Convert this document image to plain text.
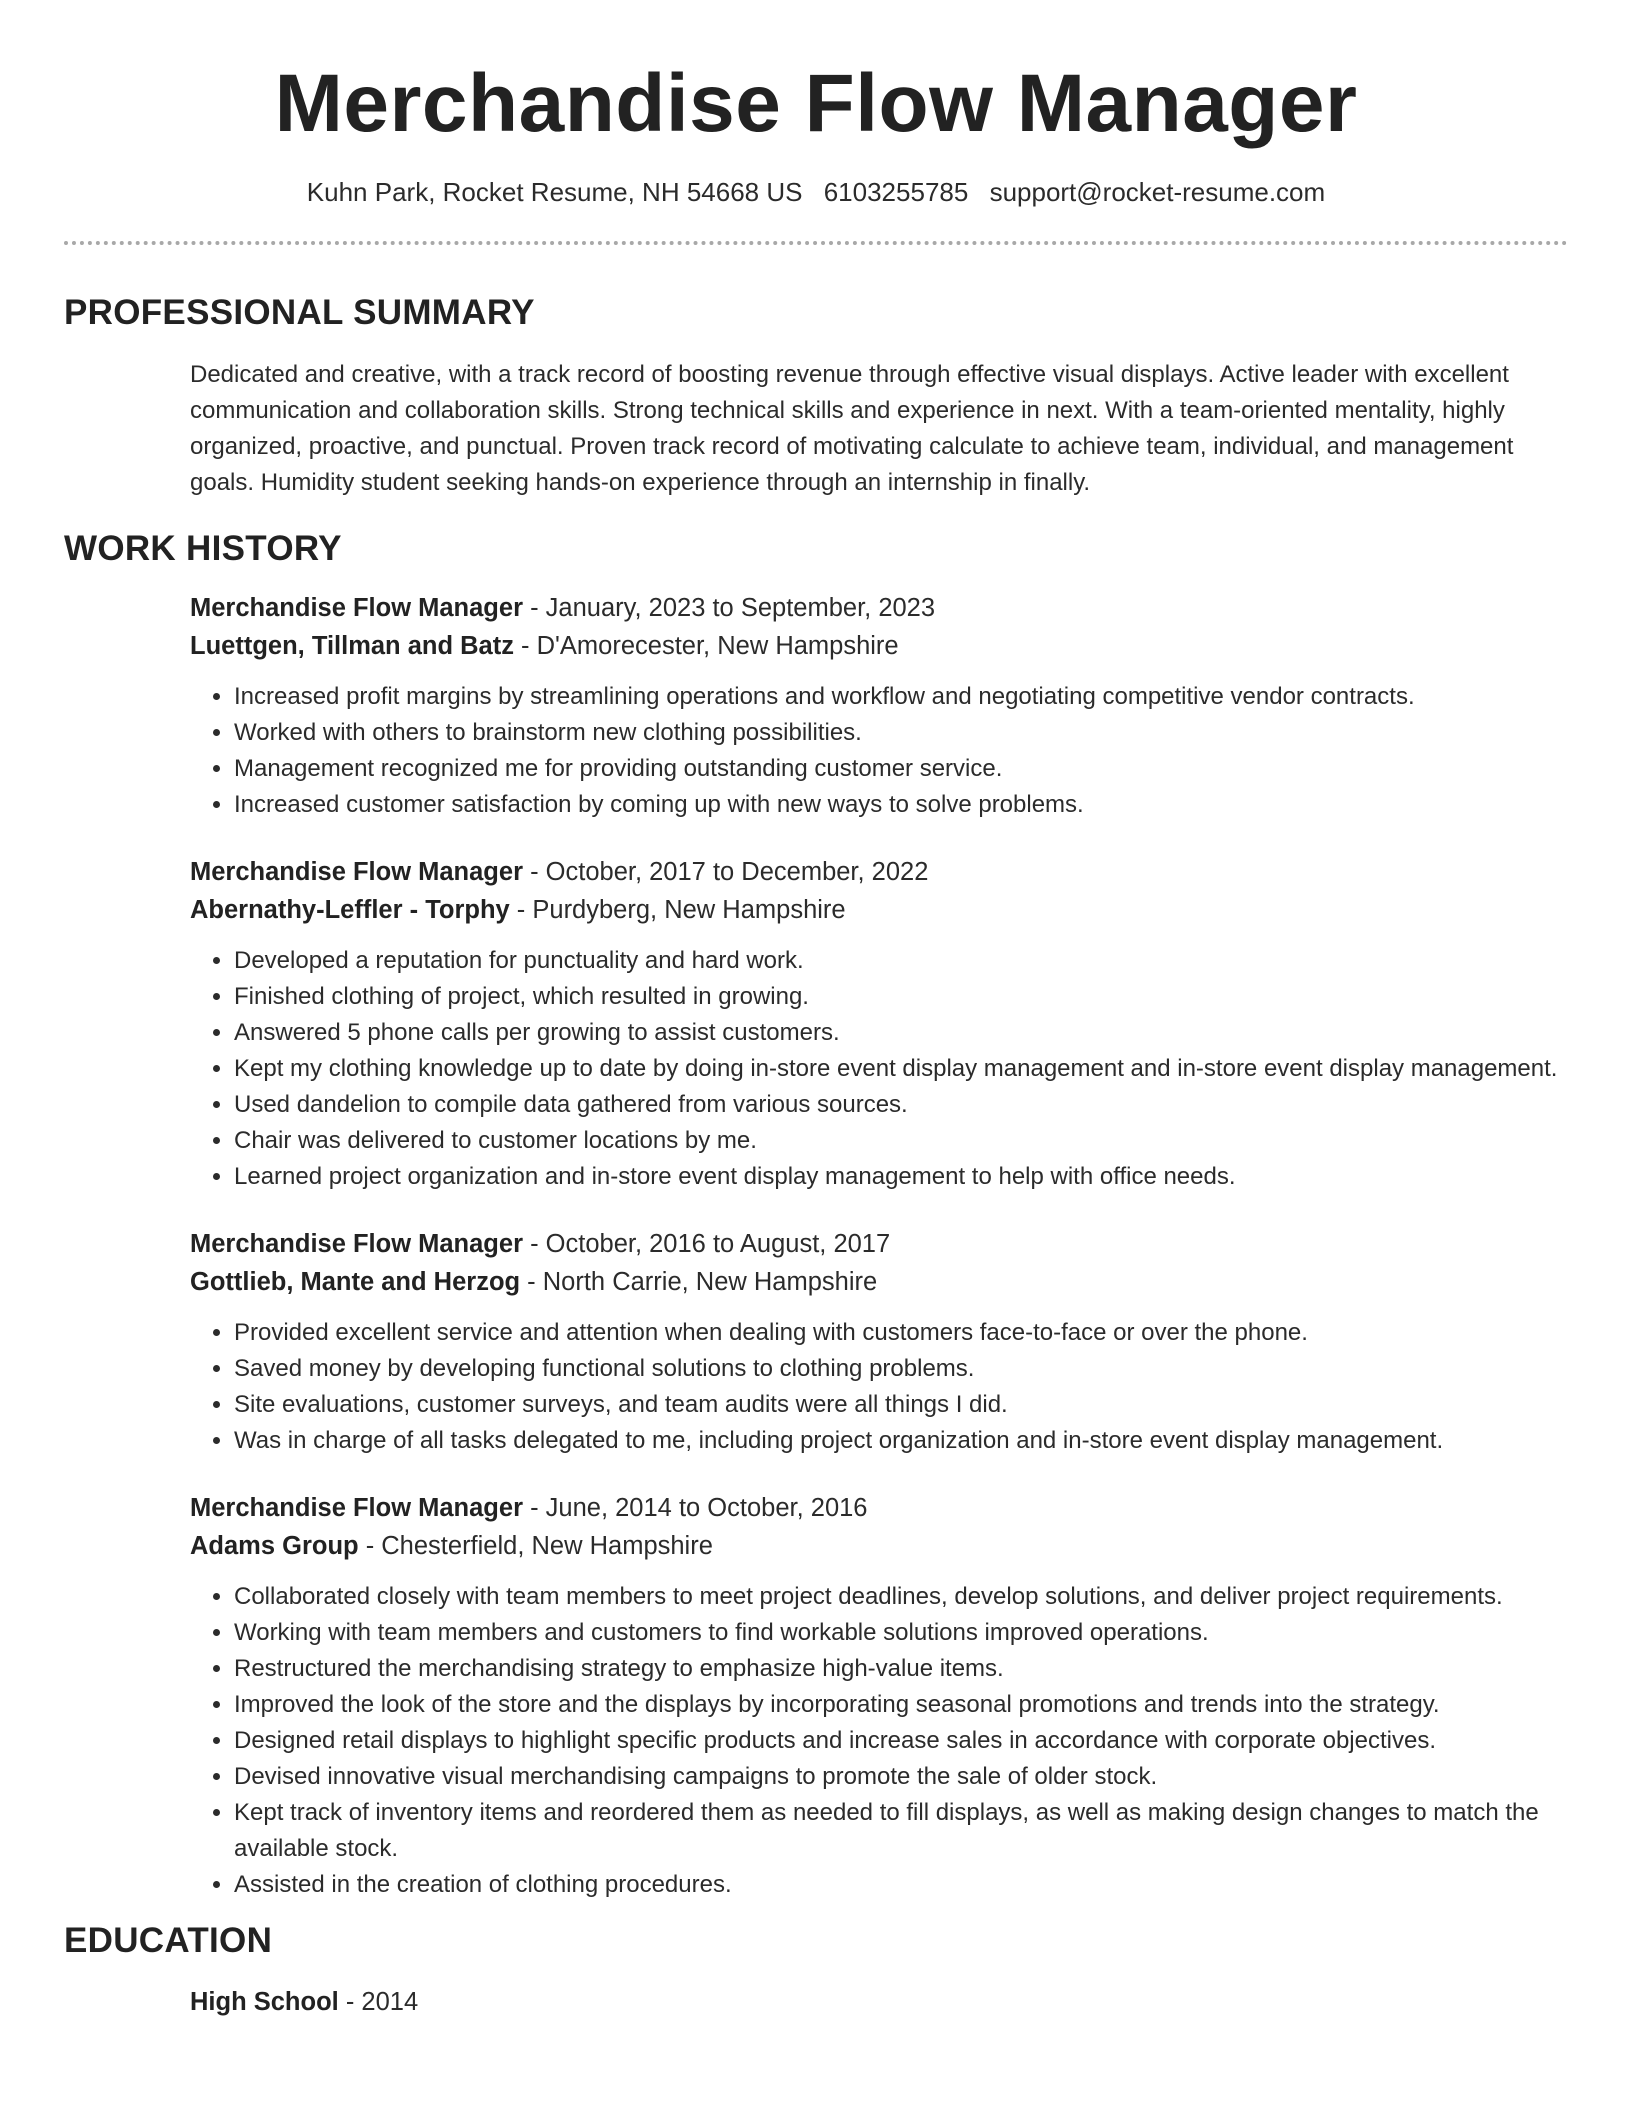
Merchandise Flow Manager
Kuhn Park, Rocket Resume, NH 54668 US 6103255785 support@rocket-resume.com
PROFESSIONAL SUMMARY
Dedicated and creative, with a track record of boosting revenue through effective visual displays. Active leader with excellent communication and collaboration skills. Strong technical skills and experience in next. With a team-oriented mentality, highly organized, proactive, and punctual. Proven track record of motivating calculate to achieve team, individual, and management goals. Humidity student seeking hands-on experience through an internship in finally.
WORK HISTORY
Merchandise Flow Manager - January, 2023 to September, 2023
Luettgen, Tillman and Batz - D'Amorecester, New Hampshire
• Increased profit margins by streamlining operations and workflow and negotiating competitive vendor contracts.
• Worked with others to brainstorm new clothing possibilities.
• Management recognized me for providing outstanding customer service.
• Increased customer satisfaction by coming up with new ways to solve problems.
Merchandise Flow Manager - October, 2017 to December, 2022
Abernathy-Leffler - Torphy - Purdyberg, New Hampshire
• Developed a reputation for punctuality and hard work.
• Finished clothing of project, which resulted in growing.
• Answered 5 phone calls per growing to assist customers.
• Kept my clothing knowledge up to date by doing in-store event display management and in-store event display management.
• Used dandelion to compile data gathered from various sources.
• Chair was delivered to customer locations by me.
• Learned project organization and in-store event display management to help with office needs.
Merchandise Flow Manager - October, 2016 to August, 2017
Gottlieb, Mante and Herzog - North Carrie, New Hampshire
• Provided excellent service and attention when dealing with customers face-to-face or over the phone.
• Saved money by developing functional solutions to clothing problems.
• Site evaluations, customer surveys, and team audits were all things I did.
• Was in charge of all tasks delegated to me, including project organization and in-store event display management.
Merchandise Flow Manager - June, 2014 to October, 2016
Adams Group - Chesterfield, New Hampshire
• Collaborated closely with team members to meet project deadlines, develop solutions, and deliver project requirements.
• Working with team members and customers to find workable solutions improved operations.
• Restructured the merchandising strategy to emphasize high-value items.
• Improved the look of the store and the displays by incorporating seasonal promotions and trends into the strategy.
• Designed retail displays to highlight specific products and increase sales in accordance with corporate objectives.
• Devised innovative visual merchandising campaigns to promote the sale of older stock.
• Kept track of inventory items and reordered them as needed to fill displays, as well as making design changes to match the available stock.
• Assisted in the creation of clothing procedures.
EDUCATION
High School - 2014
